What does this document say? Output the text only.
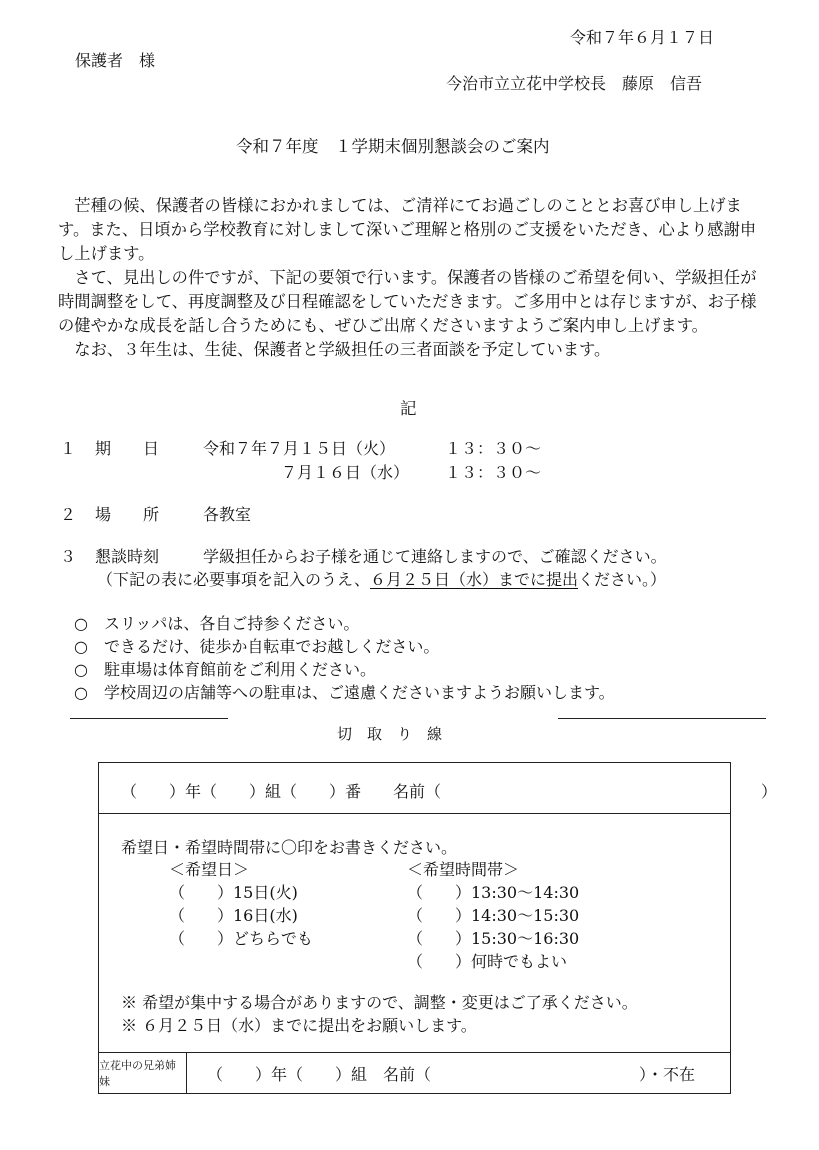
令和７年６月１７日
保護者　様
今治市立立花中学校長　藤原　信吾
令和７年度　１学期末個別懇談会のご案内

芒種の候、保護者の皆様におかれましては、ご清祥にてお過ごしのこととお喜び申し上げます。また、日頃から学校教育に対しまして深いご理解と格別のご支援をいただき、心より感謝申し上げます。

さて、見出しの件ですが、下記の要領で行います。保護者の皆様のご希望を伺い、学級担任が時間調整をして、再度調整及び日程確認をしていただきます。ご多用中とは存じますが、お子様の健やかな成長を話し合うためにも、ぜひご出席くださいますようご案内申し上げます。

なお、３年生は、生徒、保護者と学級担任の三者面談を予定しています。

記
１ 期　　日	令和７年７月１５日（火）	１３：３０～
７月１６日（水） １３：３０～
２ 場　　所	各教室
３ 懇談時刻	学級担任からお子様を通じて連絡しますので、ご確認ください。
（下記の表に必要事項を記入のうえ、６月２５日（水）までに提出ください。）
○　スリッパは、各自ご持参ください。
○　できるだけ、徒歩か自転車でお越しください。
○　駐車場は体育館前をご利用ください。
○　学校周辺の店舗等への駐車は、ご遠慮くださいますようお願いします。
切　取　り　線
（　　）年（　　）組（　　）番　　名前（　　　　　　　　　　　　　　　　　　　　）
希望日・希望時間帯に〇印をお書きください。
＜希望日＞	＜希望時間帯＞
（　　）15日(火)
（　　）16日(水)
（　　）どちらでも
（　　）13:30～14:30
（　　）14:30～15:30
（　　）15:30～16:30
（　　）何時でもよい
※ 希望が集中する場合がありますので、調整・変更はご了承ください。
※ ６月２５日（水）までに提出をお願いします。
立花中の兄弟姉妹	（　　）年（　　）組　名前（　　　　　　　　　　　　　）・不在
